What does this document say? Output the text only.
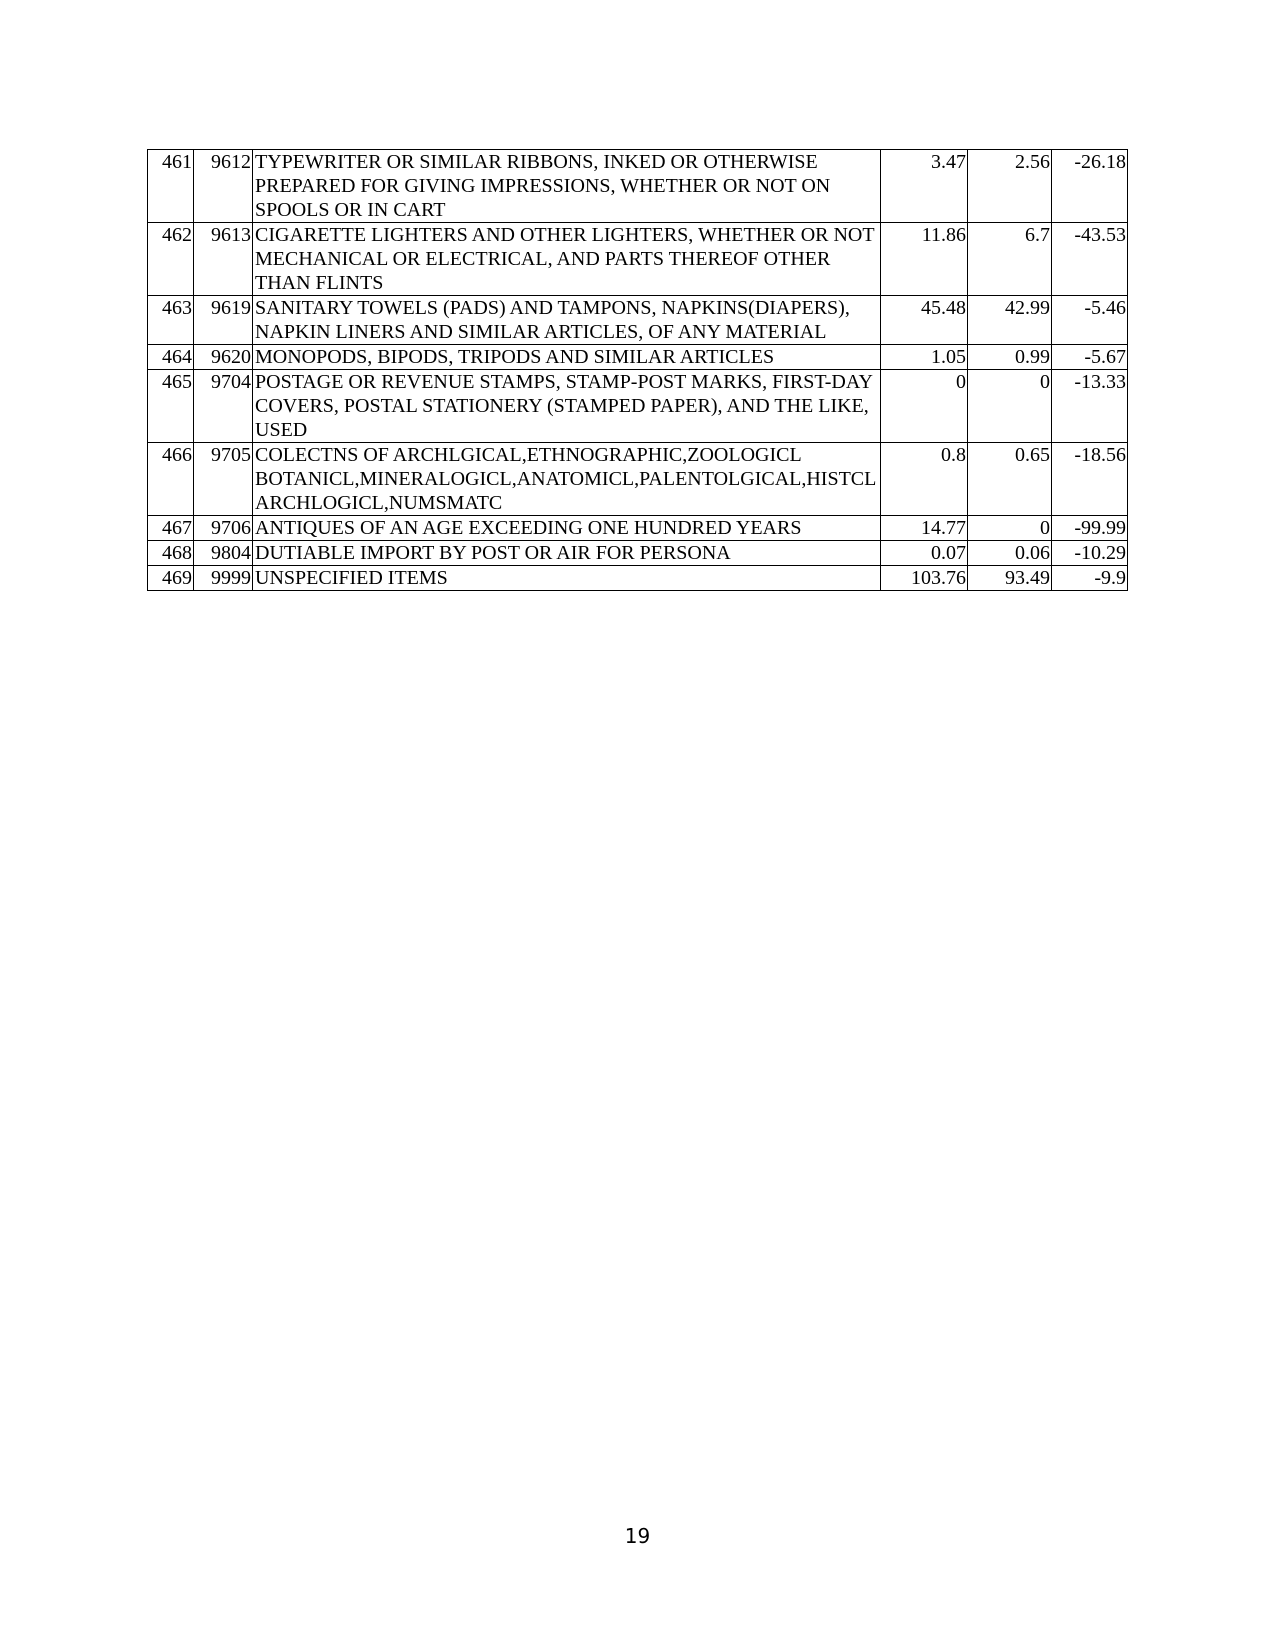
461	9612	TYPEWRITER OR SIMILAR RIBBONS, INKED OR OTHERWISE PREPARED FOR GIVING IMPRESSIONS, WHETHER OR NOT ON SPOOLS OR IN CART	3.47	2.56	-26.18
462	9613	CIGARETTE LIGHTERS AND OTHER LIGHTERS, WHETHER OR NOT MECHANICAL OR ELECTRICAL, AND PARTS THEREOF OTHER THAN FLINTS	11.86	6.7	-43.53
463	9619	SANITARY TOWELS (PADS) AND TAMPONS, NAPKINS(DIAPERS), NAPKIN LINERS AND SIMILAR ARTICLES, OF ANY MATERIAL	45.48	42.99	-5.46
464	9620	MONOPODS, BIPODS, TRIPODS AND SIMILAR ARTICLES	1.05	0.99	-5.67
465	9704	POSTAGE OR REVENUE STAMPS, STAMP-POST MARKS, FIRST-DAY COVERS, POSTAL STATIONERY (STAMPED PAPER), AND THE LIKE, USED	0	0	-13.33
466	9705	COLECTNS OF ARCHLGICAL,ETHNOGRAPHIC,ZOOLOGICL BOTANICL,MINERALOGICL,ANATOMICL,PALENTOLGICAL,HISTCL ARCHLOGICL,NUMSMATC	0.8	0.65	-18.56
467	9706	ANTIQUES OF AN AGE EXCEEDING ONE HUNDRED YEARS	14.77	0	-99.99
468	9804	DUTIABLE IMPORT BY POST OR AIR FOR PERSONA	0.07	0.06	-10.29
469	9999	UNSPECIFIED ITEMS	103.76	93.49	-9.9
19
